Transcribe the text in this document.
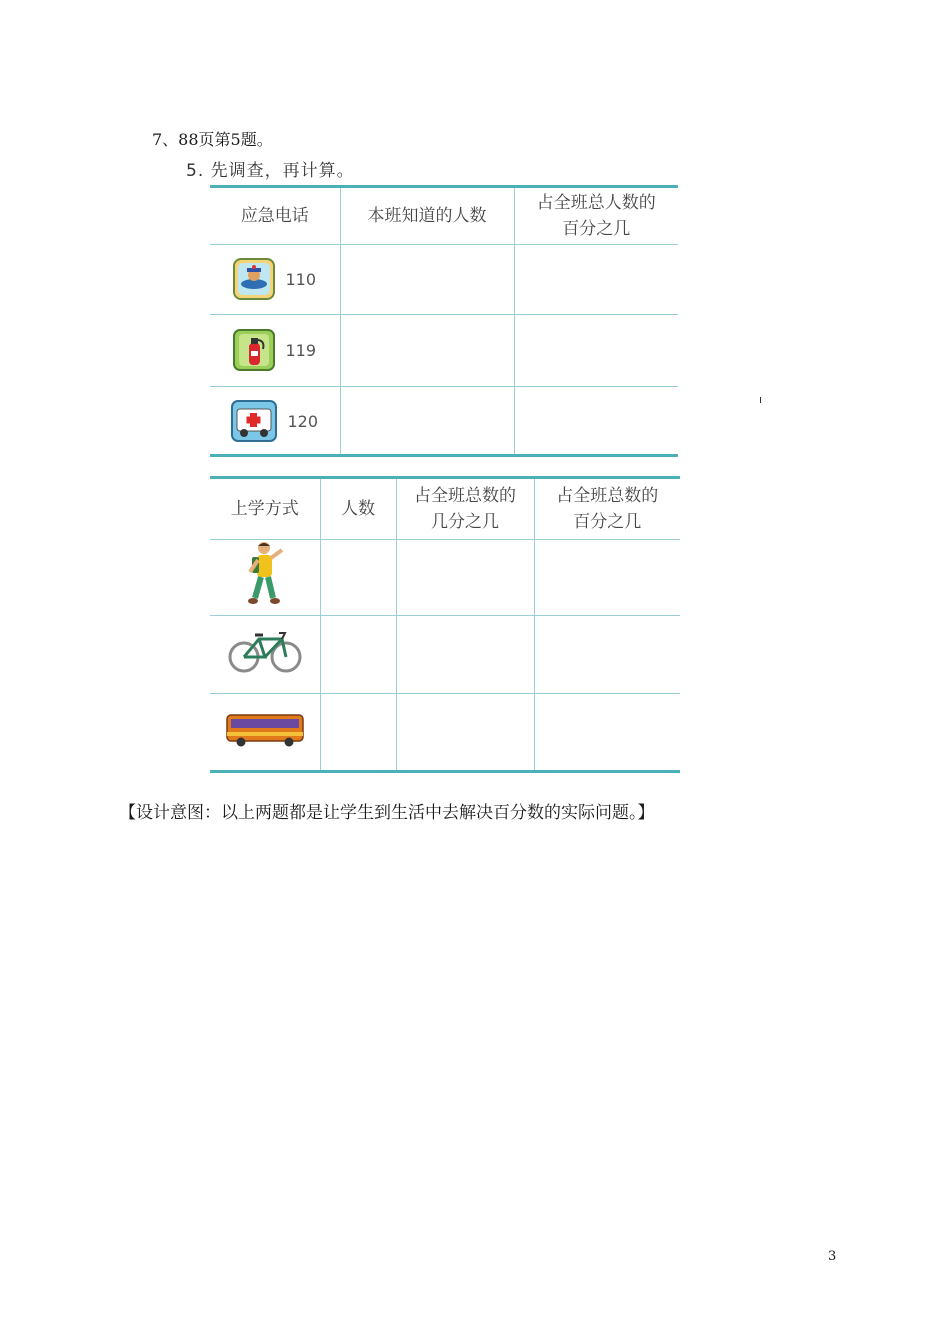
7、88页第5题。
5. 先调查，再计算。
应急电话	本班知道的人数	占全班总人数的百分之几

110		

119		

120		

上学方式	人数	占全班总数的几分之几	占全班总数的百分之几

【设计意图：以上两题都是让学生到生活中去解决百分数的实际问题。】
3
